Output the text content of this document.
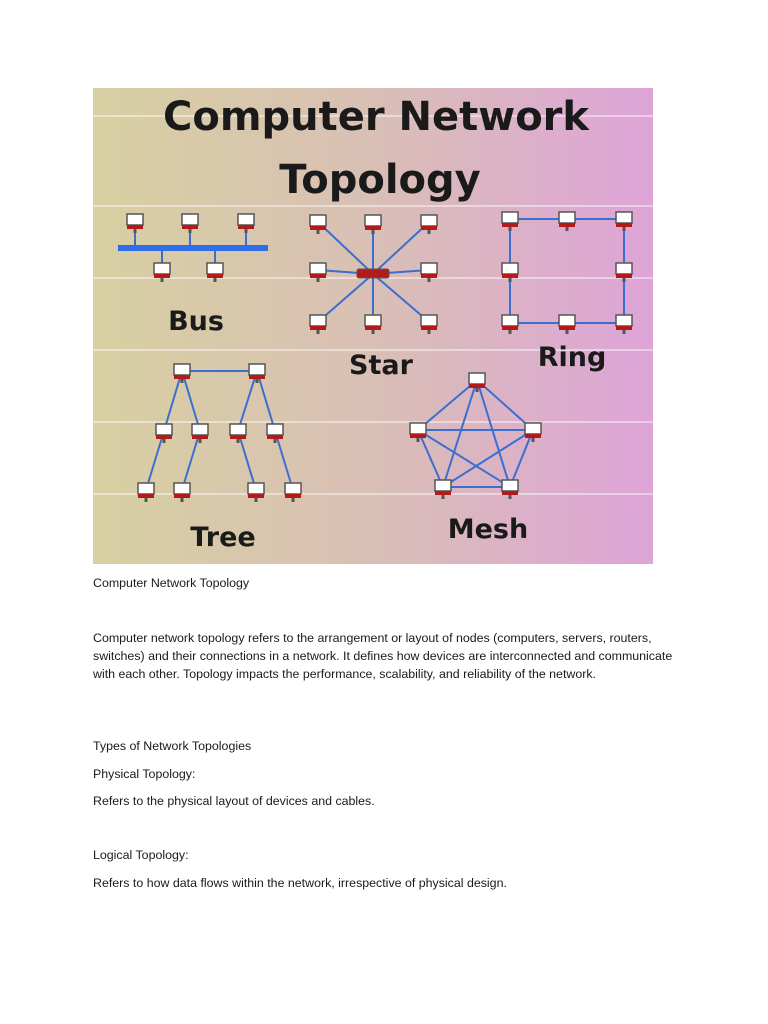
Computer Network
Topology
Bus
Star	Ring
Tree	Mesh

Computer Network Topology

Computer network topology refers to the arrangement or layout of nodes (computers, servers, routers, switches) and their connections in a network. It defines how devices are interconnected and communicate with each other. Topology impacts the performance, scalability, and reliability of the network.

Types of Network Topologies

Physical Topology:

Refers to the physical layout of devices and cables.

Logical Topology:

Refers to how data flows within the network, irrespective of physical design.
